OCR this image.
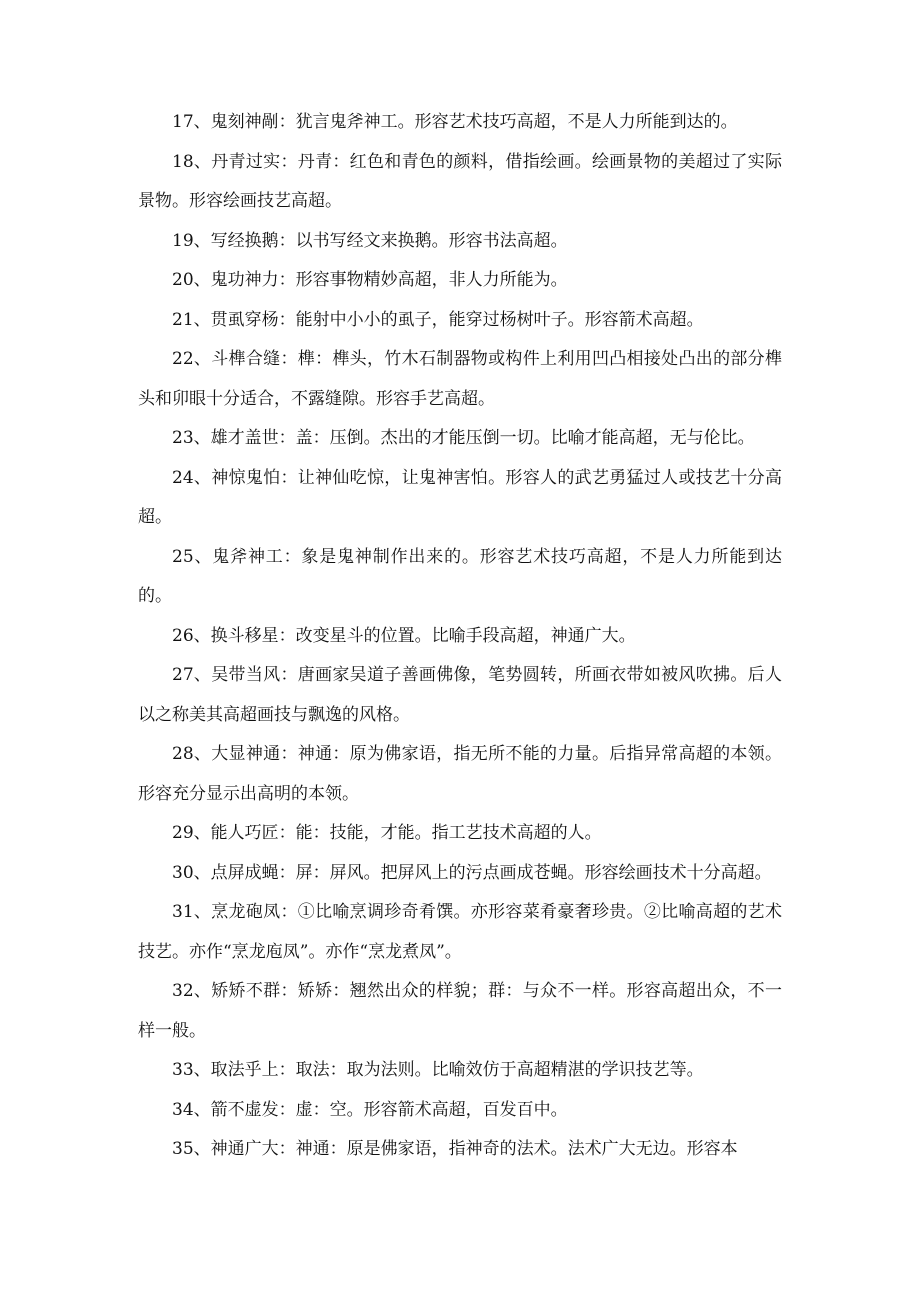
17、鬼刻神剮：犹言鬼斧神工。形容艺术技巧高超，不是人力所能到达的。

18、丹青过实：丹青：红色和青色的颜料，借指绘画。绘画景物的美超过了实际景物。形容绘画技艺高超。

19、写经换鹅：以书写经文来换鹅。形容书法高超。

20、鬼功神力：形容事物精妙高超，非人力所能为。

21、贯虱穿杨：能射中小小的虱子，能穿过杨树叶子。形容箭术高超。

22、斗榫合缝：榫：榫头，竹木石制器物或构件上利用凹凸相接处凸出的部分榫头和卯眼十分适合，不露缝隙。形容手艺高超。

23、雄才盖世：盖：压倒。杰出的才能压倒一切。比喻才能高超，无与伦比。

24、神惊鬼怕：让神仙吃惊，让鬼神害怕。形容人的武艺勇猛过人或技艺十分高超。

25、鬼斧神工：象是鬼神制作出来的。形容艺术技巧高超，不是人力所能到达的。

26、换斗移星：改变星斗的位置。比喻手段高超，神通广大。

27、吴带当风：唐画家吴道子善画佛像，笔势圆转，所画衣带如被风吹拂。后人以之称美其高超画技与飘逸的风格。

28、大显神通：神通：原为佛家语，指无所不能的力量。后指异常高超的本领。形容充分显示出高明的本领。

29、能人巧匠：能：技能，才能。指工艺技术高超的人。

30、点屏成蝇：屏：屏风。把屏风上的污点画成苍蝇。形容绘画技术十分高超。

31、烹龙砲凤：①比喻烹调珍奇肴馔。亦形容菜肴豪奢珍贵。②比喻高超的艺术技艺。亦作“烹龙庖凤”。亦作“烹龙煮凤”。

32、矫矫不群：矫矫：翘然出众的样貌；群：与众不一样。形容高超出众，不一样一般。

33、取法乎上：取法：取为法则。比喻效仿于高超精湛的学识技艺等。

34、箭不虚发：虚：空。形容箭术高超，百发百中。

35、神通广大：神通：原是佛家语，指神奇的法术。法术广大无边。形容本
